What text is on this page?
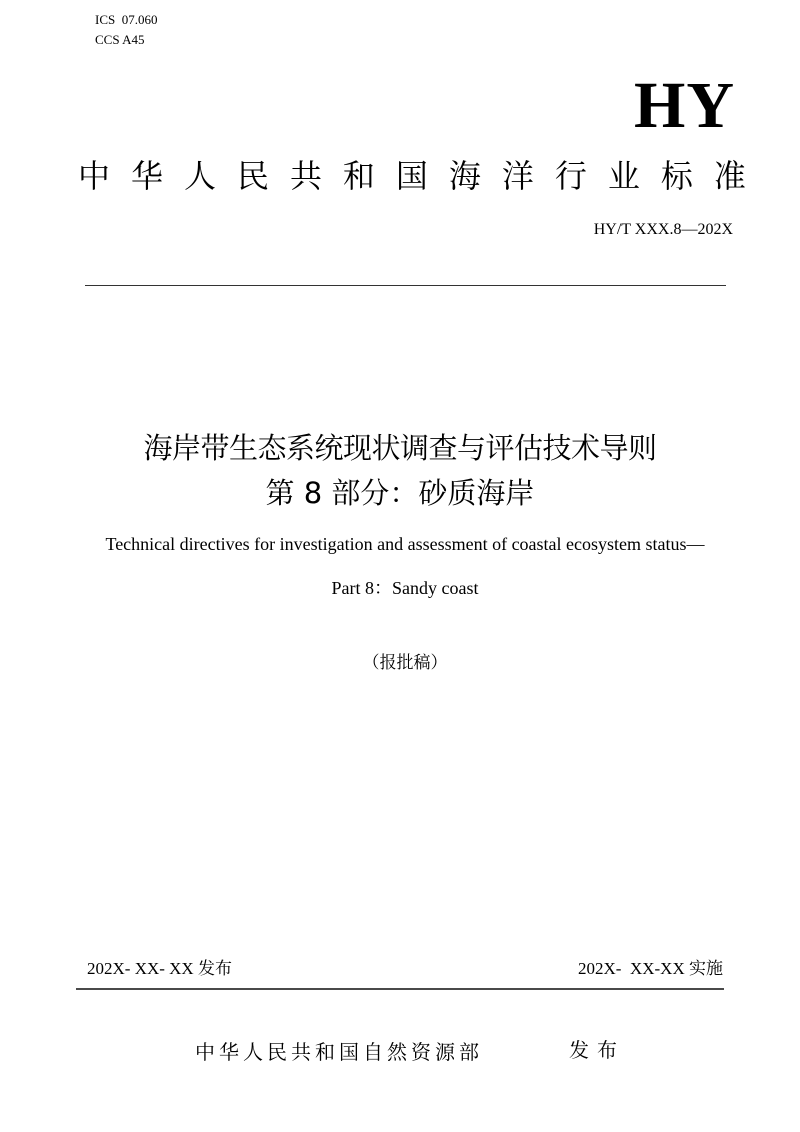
ICS  07.060
CCS A45
HY
中 华 人 民 共 和 国 海 洋 行 业 标 准
HY/T XXX.8—202X
海岸带生态系统现状调查与评估技术导则
第 8 部分：砂质海岸
Technical directives for investigation and assessment of coastal ecosystem status—
Part 8：Sandy coast
（报批稿）
202X- XX- XX 发布	202X-  XX-XX 实施
中华人民共和国自然资源部	发布
